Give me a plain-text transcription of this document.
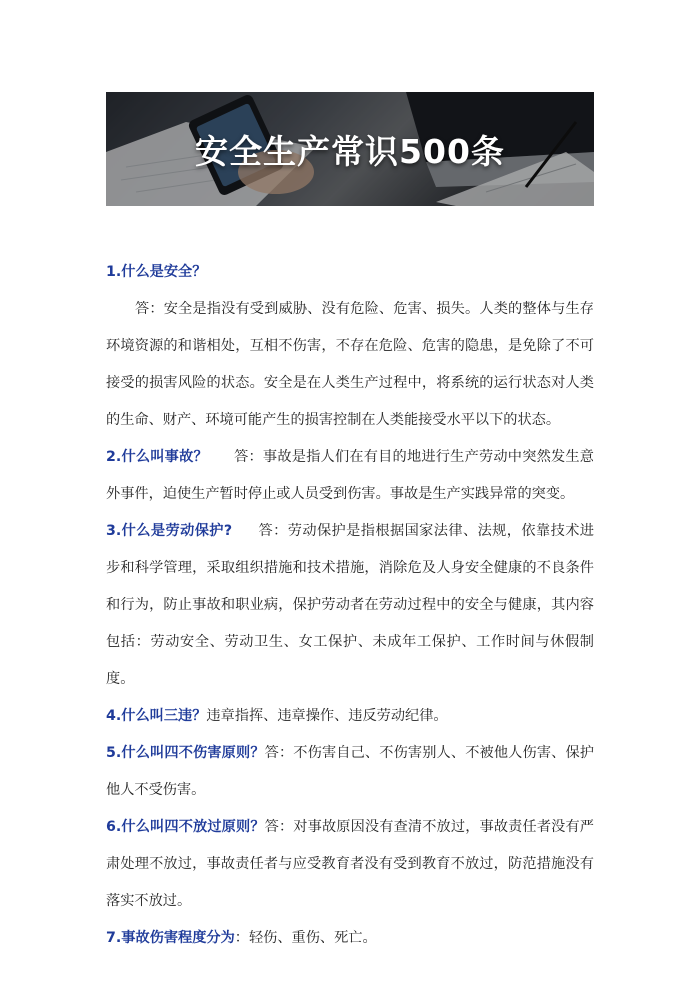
安全生产常识500条

1.什么是安全？

答：安全是指没有受到威胁、没有危险、危害、损失。人类的整体与生存环境资源的和谐相处，互相不伤害，不存在危险、危害的隐患，是免除了不可接受的损害风险的状态。安全是在人类生产过程中，将系统的运行状态对人类的生命、财产、环境可能产生的损害控制在人类能接受水平以下的状态。

2.什么叫事故？ 答：事故是指人们在有目的地进行生产劳动中突然发生意外事件，迫使生产暂时停止或人员受到伤害。事故是生产实践异常的突变。

3.什么是劳动保护? 答：劳动保护是指根据国家法律、法规，依靠技术进步和科学管理，采取组织措施和技术措施，消除危及人身安全健康的不良条件和行为，防止事故和职业病，保护劳动者在劳动过程中的安全与健康，其内容包括：劳动安全、劳动卫生、女工保护、未成年工保护、工作时间与休假制度。

4.什么叫三违？违章指挥、违章操作、违反劳动纪律。

5.什么叫四不伤害原则？答：不伤害自己、不伤害别人、不被他人伤害、保护他人不受伤害。

6.什么叫四不放过原则？答：对事故原因没有查清不放过，事故责任者没有严肃处理不放过，事故责任者与应受教育者没有受到教育不放过，防范措施没有落实不放过。

7.事故伤害程度分为：轻伤、重伤、死亡。
